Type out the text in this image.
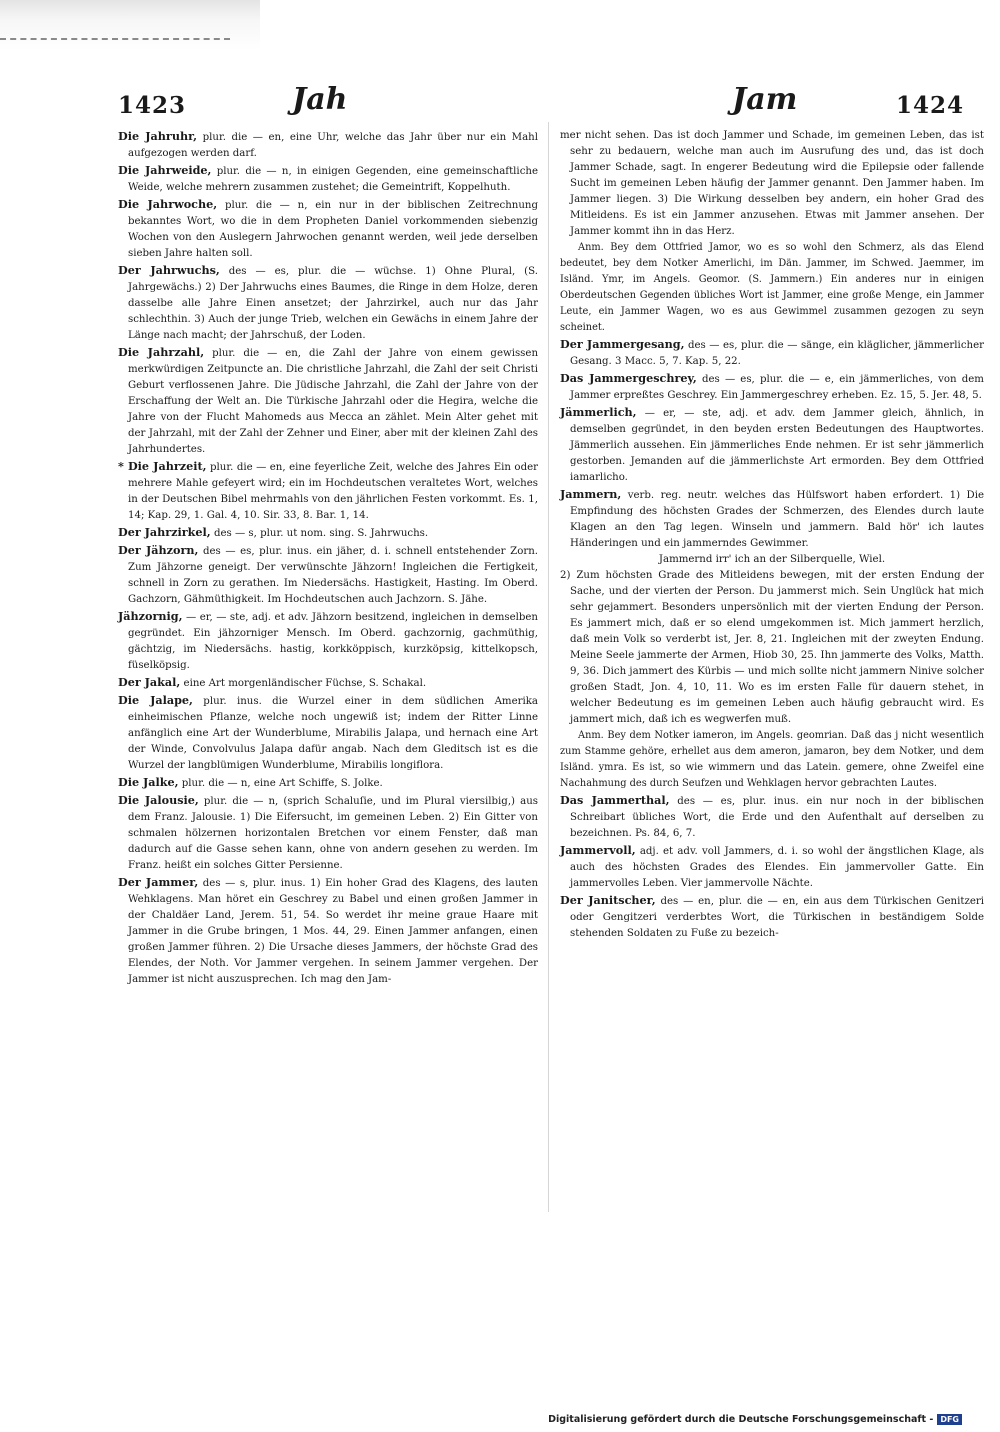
1423	Jah	Jam	1424

Die Jahruhr, plur. die — en, eine Uhr, welche das Jahr über nur ein Mahl aufgezogen werden darf.

Die Jahrweide, plur. die — n, in einigen Gegenden, eine gemeinschaftliche Weide, welche mehrern zusammen zustehet; die Gemeintrift, Koppelhuth.

Die Jahrwoche, plur. die — n, ein nur in der biblischen Zeitrechnung bekanntes Wort, wo die in dem Propheten Daniel vorkommenden siebenzig Wochen von den Auslegern Jahrwochen genannt werden, weil jede derselben sieben Jahre halten soll.

Der Jahrwuchs, des — es, plur. die — wüchse. 1) Ohne Plural, (S. Jahrgewächs.) 2) Der Jahrwuchs eines Baumes, die Ringe in dem Holze, deren dasselbe alle Jahre Einen ansetzet; der Jahrzirkel, auch nur das Jahr schlechthin. 3) Auch der junge Trieb, welchen ein Gewächs in einem Jahre der Länge nach macht; der Jahrschuß, der Loden.

Die Jahrzahl, plur. die — en, die Zahl der Jahre von einem gewissen merkwürdigen Zeitpuncte an. Die christliche Jahrzahl, die Zahl der seit Christi Geburt verflossenen Jahre. Die Jüdische Jahrzahl, die Zahl der Jahre von der Erschaffung der Welt an. Die Türkische Jahrzahl oder die Hegira, welche die Jahre von der Flucht Mahomeds aus Mecca an zählet. Mein Alter gehet mit der Jahrzahl, mit der Zahl der Zehner und Einer, aber mit der kleinen Zahl des Jahrhundertes.

* Die Jahrzeit, plur. die — en, eine feyerliche Zeit, welche des Jahres Ein oder mehrere Mahle gefeyert wird; ein im Hochdeutschen veraltetes Wort, welches in der Deutschen Bibel mehrmahls von den jährlichen Festen vorkommt. Es. 1, 14; Kap. 29, 1. Gal. 4, 10. Sir. 33, 8. Bar. 1, 14.

Der Jahrzirkel, des — s, plur. ut nom. sing. S. Jahrwuchs.

Der Jähzorn, des — es, plur. inus. ein jäher, d. i. schnell entstehender Zorn. Zum Jähzorne geneigt. Der verwünschte Jähzorn! Ingleichen die Fertigkeit, schnell in Zorn zu gerathen. Im Niedersächs. Hastigkeit, Hasting. Im Oberd. Gachzorn, Gähmüthigkeit. Im Hochdeutschen auch Jachzorn. S. Jähe.

Jähzornig, — er, — ste, adj. et adv. Jähzorn besitzend, ingleichen in demselben gegründet. Ein jähzorniger Mensch. Im Oberd. gachzornig, gachmüthig, gächtzig, im Niedersächs. hastig, korkköppisch, kurzköpsig, kittelkopsch, füselköpsig.

Der Jakal, eine Art morgenländischer Füchse, S. Schakal.

Die Jalape, plur. inus. die Wurzel einer in dem südlichen Amerika einheimischen Pflanze, welche noch ungewiß ist; indem der Ritter Linne anfänglich eine Art der Wunderblume, Mirabilis Jalapa, und hernach eine Art der Winde, Convolvulus Jalapa dafür angab. Nach dem Gleditsch ist es die Wurzel der langblümigen Wunderblume, Mirabilis longiflora.

Die Jalke, plur. die — n, eine Art Schiffe, S. Jolke.

Die Jalousie, plur. die — n, (sprich Schaluſie, und im Plural viersilbig,) aus dem Franz. Jalousie. 1) Die Eifersucht, im gemeinen Leben. 2) Ein Gitter von schmalen hölzernen horizontalen Bretchen vor einem Fenster, daß man dadurch auf die Gasse sehen kann, ohne von andern gesehen zu werden. Im Franz. heißt ein solches Gitter Persienne.

Der Jammer, des — s, plur. inus. 1) Ein hoher Grad des Klagens, des lauten Wehklagens. Man höret ein Geschrey zu Babel und einen großen Jammer in der Chaldäer Land, Jerem. 51, 54. So werdet ihr meine graue Haare mit Jammer in die Grube bringen, 1 Mos. 44, 29. Einen Jammer anfangen, einen großen Jammer führen. 2) Die Ursache dieses Jammers, der höchste Grad des Elendes, der Noth. Vor Jammer vergehen. In seinem Jammer vergehen. Der Jammer ist nicht auszusprechen. Ich mag den Jam-

mer nicht sehen. Das ist doch Jammer und Schade, im gemeinen Leben, das ist sehr zu bedauern, welche man auch im Ausrufung des und, das ist doch Jammer Schade, sagt. In engerer Bedeutung wird die Epilepsie oder fallende Sucht im gemeinen Leben häufig der Jammer genannt. Den Jammer haben. Im Jammer liegen. 3) Die Wirkung desselben bey andern, ein hoher Grad des Mitleidens. Es ist ein Jammer anzusehen. Etwas mit Jammer ansehen. Der Jammer kommt ihn in das Herz.

Anm. Bey dem Ottfried Jamor, wo es so wohl den Schmerz, als das Elend bedeutet, bey dem Notker Amerlichi, im Dän. Jammer, im Schwed. Jaemmer, im Isländ. Ymr, im Angels. Geomor. (S. Jammern.) Ein anderes nur in einigen Oberdeutschen Gegenden übliches Wort ist Jammer, eine große Menge, ein Jammer Leute, ein Jammer Wagen, wo es aus Gewimmel zusammen gezogen zu seyn scheinet.

Der Jammergesang, des — es, plur. die — sänge, ein kläglicher, jämmerlicher Gesang. 3 Macc. 5, 7. Kap. 5, 22.

Das Jammergeschrey, des — es, plur. die — e, ein jämmerliches, von dem Jammer erpreßtes Geschrey. Ein Jammergeschrey erheben. Ez. 15, 5. Jer. 48, 5.

Jämmerlich, — er, — ste, adj. et adv. dem Jammer gleich, ähnlich, in demselben gegründet, in den beyden ersten Bedeutungen des Hauptwortes. Jämmerlich aussehen. Ein jämmerliches Ende nehmen. Er ist sehr jämmerlich gestorben. Jemanden auf die jämmerlichste Art ermorden. Bey dem Ottfried iamarlicho.

Jammern, verb. reg. neutr. welches das Hülfswort haben erfordert. 1) Die Empfindung des höchsten Grades der Schmerzen, des Elendes durch laute Klagen an den Tag legen. Winseln und jammern. Bald hör' ich lautes Händeringen und ein jammerndes Gewimmer.

Jammernd irr' ich an der Silberquelle, Wiel.

2) Zum höchsten Grade des Mitleidens bewegen, mit der ersten Endung der Sache, und der vierten der Person. Du jammerst mich. Sein Unglück hat mich sehr gejammert. Besonders unpersönlich mit der vierten Endung der Person. Es jammert mich, daß er so elend umgekommen ist. Mich jammert herzlich, daß mein Volk so verderbt ist, Jer. 8, 21. Ingleichen mit der zweyten Endung. Meine Seele jammerte der Armen, Hiob 30, 25. Ihn jammerte des Volks, Matth. 9, 36. Dich jammert des Kürbis — und mich sollte nicht jammern Ninive solcher großen Stadt, Jon. 4, 10, 11. Wo es im ersten Falle für dauern stehet, in welcher Bedeutung es im gemeinen Leben auch häufig gebraucht wird. Es jammert mich, daß ich es wegwerfen muß.

Anm. Bey dem Notker iameron, im Angels. geomrian. Daß das j nicht wesentlich zum Stamme gehöre, erhellet aus dem ameron, jamaron, bey dem Notker, und dem Isländ. ymra. Es ist, so wie wimmern und das Latein. gemere, ohne Zweifel eine Nachahmung des durch Seufzen und Wehklagen hervor gebrachten Lautes.

Das Jammerthal, des — es, plur. inus. ein nur noch in der biblischen Schreibart übliches Wort, die Erde und den Aufenthalt auf derselben zu bezeichnen. Ps. 84, 6, 7.

Jammervoll, adj. et adv. voll Jammers, d. i. so wohl der ängstlichen Klage, als auch des höchsten Grades des Elendes. Ein jammervoller Gatte. Ein jammervolles Leben. Vier jammervolle Nächte.

Der Janitscher, des — en, plur. die — en, ein aus dem Türkischen Genitzeri oder Gengitzeri verderbtes Wort, die Türkischen in beständigem Solde stehenden Soldaten zu Fuße zu bezeich-

Digitalisierung gefördert durch die Deutsche Forschungsgemeinschaft - DFG
